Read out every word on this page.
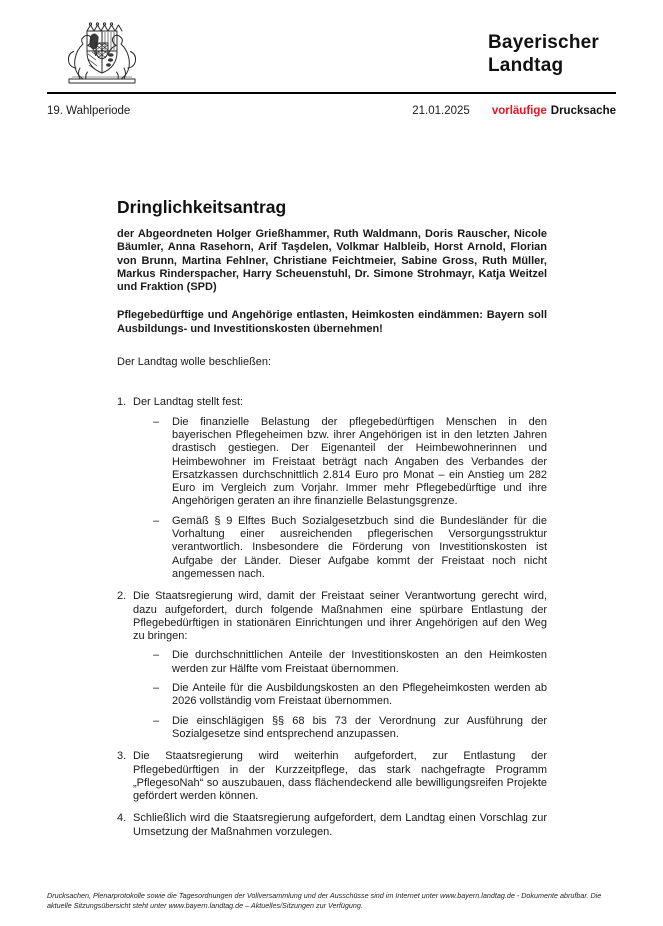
Bayerischer
Landtag
19. Wahlperiode	21.01.2025 vorläufige Drucksache
Dringlichkeitsantrag

der Abgeordneten Holger Grießhammer, Ruth Waldmann, Doris Rauscher, Nicole Bäumler, Anna Rasehorn, Arif Taşdelen, Volkmar Halbleib, Horst Arnold, Florian von Brunn, Martina Fehlner, Christiane Feichtmeier, Sabine Gross, Ruth Müller, Markus Rinderspacher, Harry Scheuenstuhl, Dr. Simone Strohmayr, Katja Weitzel und Fraktion (SPD)

Pflegebedürftige und Angehörige entlasten, Heimkosten eindämmen: Bayern soll Ausbildungs- und Investitionskosten übernehmen!

Der Landtag wolle beschließen:

1. Der Landtag stellt fest:
– Die finanzielle Belastung der pflegebedürftigen Menschen in den bayerischen Pflegeheimen bzw. ihrer Angehörigen ist in den letzten Jahren drastisch gestiegen. Der Eigenanteil der Heimbewohnerinnen und Heimbewohner im Freistaat beträgt nach Angaben des Verbandes der Ersatzkassen durchschnittlich 2.814 Euro pro Monat – ein Anstieg um 282 Euro im Vergleich zum Vorjahr. Immer mehr Pflegebedürftige und ihre Angehörigen geraten an ihre finanzielle Belastungsgrenze.
– Gemäß § 9 Elftes Buch Sozialgesetzbuch sind die Bundesländer für die Vorhaltung einer ausreichenden pflegerischen Versorgungsstruktur verantwortlich. Insbesondere die Förderung von Investitionskosten ist Aufgabe der Länder. Dieser Aufgabe kommt der Freistaat noch nicht angemessen nach.
2. Die Staatsregierung wird, damit der Freistaat seiner Verantwortung gerecht wird, dazu aufgefordert, durch folgende Maßnahmen eine spürbare Entlastung der Pflegebedürftigen in stationären Einrichtungen und ihrer Angehörigen auf den Weg zu bringen:
– Die durchschnittlichen Anteile der Investitionskosten an den Heimkosten werden zur Hälfte vom Freistaat übernommen.
– Die Anteile für die Ausbildungskosten an den Pflegeheimkosten werden ab 2026 vollständig vom Freistaat übernommen.
– Die einschlägigen §§ 68 bis 73 der Verordnung zur Ausführung der Sozialgesetze sind entsprechend anzupassen.
3. Die Staatsregierung wird weiterhin aufgefordert, zur Entlastung der Pflegebedürftigen in der Kurzzeitpflege, das stark nachgefragte Programm „PflegesoNah“ so auszubauen, dass flächendeckend alle bewilligungsreifen Projekte gefördert werden können.
4. Schließlich wird die Staatsregierung aufgefordert, dem Landtag einen Vorschlag zur Umsetzung der Maßnahmen vorzulegen.
Drucksachen, Plenarprotokolle sowie die Tagesordnungen der Vollversammlung und der Ausschüsse sind im Internet unter www.bayern.landtag.de - Dokumente abrufbar. Die aktuelle Sitzungsübersicht steht unter www.bayern.landtag.de – Aktuelles/Sitzungen zur Verfügung.
